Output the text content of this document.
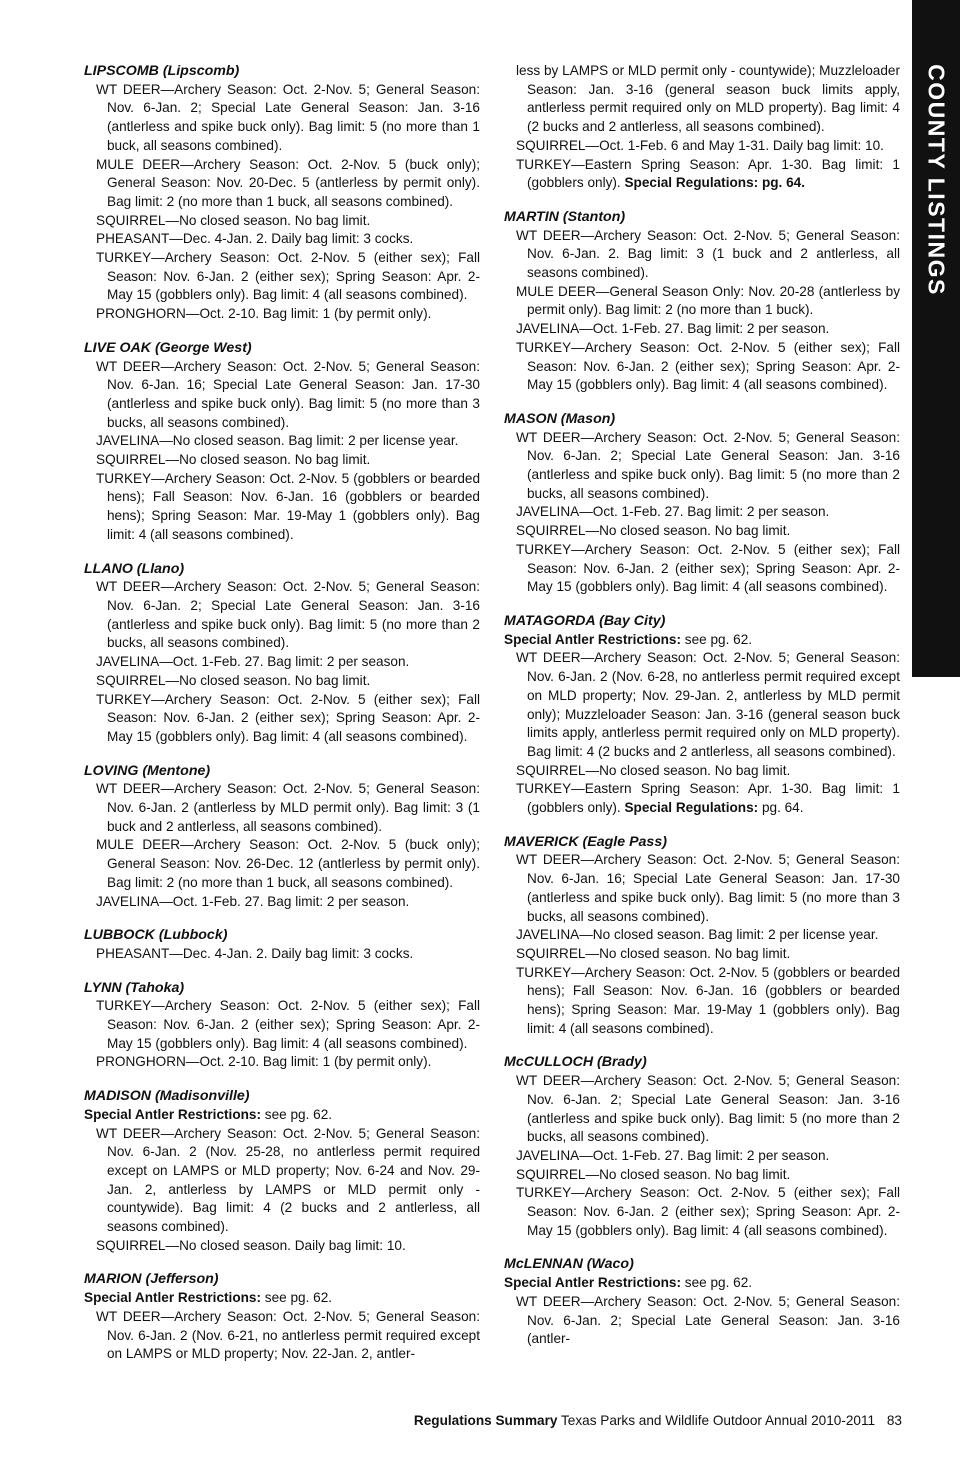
LIPSCOMB (Lipscomb)

WT DEER—Archery Season: Oct. 2-Nov. 5; General Season: Nov. 6-Jan. 2; Special Late General Season: Jan. 3-16 (antlerless and spike buck only). Bag limit: 5 (no more than 1 buck, all seasons combined).

MULE DEER—Archery Season: Oct. 2-Nov. 5 (buck only); General Season: Nov. 20-Dec. 5 (antlerless by permit only). Bag limit: 2 (no more than 1 buck, all seasons combined).

SQUIRREL—No closed season. No bag limit.

PHEASANT—Dec. 4-Jan. 2. Daily bag limit: 3 cocks.

TURKEY—Archery Season: Oct. 2-Nov. 5 (either sex); Fall Season: Nov. 6-Jan. 2 (either sex); Spring Season: Apr. 2-May 15 (gobblers only). Bag limit: 4 (all seasons combined).

PRONGHORN—Oct. 2-10. Bag limit: 1 (by permit only).

LIVE OAK (George West)

WT DEER—Archery Season: Oct. 2-Nov. 5; General Season: Nov. 6-Jan. 16; Special Late General Season: Jan. 17-30 (antlerless and spike buck only). Bag limit: 5 (no more than 3 bucks, all seasons combined).

JAVELINA—No closed season. Bag limit: 2 per license year.

SQUIRREL—No closed season. No bag limit.

TURKEY—Archery Season: Oct. 2-Nov. 5 (gobblers or bearded hens); Fall Season: Nov. 6-Jan. 16 (gobblers or bearded hens); Spring Season: Mar. 19-May 1 (gobblers only). Bag limit: 4 (all seasons combined).

LLANO (Llano)

WT DEER—Archery Season: Oct. 2-Nov. 5; General Season: Nov. 6-Jan. 2; Special Late General Season: Jan. 3-16 (antlerless and spike buck only). Bag limit: 5 (no more than 2 bucks, all seasons combined).

JAVELINA—Oct. 1-Feb. 27. Bag limit: 2 per season.

SQUIRREL—No closed season. No bag limit.

TURKEY—Archery Season: Oct. 2-Nov. 5 (either sex); Fall Season: Nov. 6-Jan. 2 (either sex); Spring Season: Apr. 2-May 15 (gobblers only). Bag limit: 4 (all seasons combined).

LOVING (Mentone)

WT DEER—Archery Season: Oct. 2-Nov. 5; General Season: Nov. 6-Jan. 2 (antlerless by MLD permit only). Bag limit: 3 (1 buck and 2 antlerless, all seasons combined).

MULE DEER—Archery Season: Oct. 2-Nov. 5 (buck only); General Season: Nov. 26-Dec. 12 (antlerless by permit only). Bag limit: 2 (no more than 1 buck, all seasons combined).

JAVELINA—Oct. 1-Feb. 27. Bag limit: 2 per season.

LUBBOCK (Lubbock)

PHEASANT—Dec. 4-Jan. 2. Daily bag limit: 3 cocks.

LYNN (Tahoka)

TURKEY—Archery Season: Oct. 2-Nov. 5 (either sex); Fall Season: Nov. 6-Jan. 2 (either sex); Spring Season: Apr. 2-May 15 (gobblers only). Bag limit: 4 (all seasons combined).

PRONGHORN—Oct. 2-10. Bag limit: 1 (by permit only).

MADISON (Madisonville)

Special Antler Restrictions: see pg. 62.

WT DEER—Archery Season: Oct. 2-Nov. 5; General Season: Nov. 6-Jan. 2 (Nov. 25-28, no antlerless permit required except on LAMPS or MLD property; Nov. 6-24 and Nov. 29-Jan. 2, antlerless by LAMPS or MLD permit only - countywide). Bag limit: 4 (2 bucks and 2 antlerless, all seasons combined).

SQUIRREL—No closed season. Daily bag limit: 10.

MARION (Jefferson)

Special Antler Restrictions: see pg. 62.

WT DEER—Archery Season: Oct. 2-Nov. 5; General Season: Nov. 6-Jan. 2 (Nov. 6-21, no antlerless permit required except on LAMPS or MLD property; Nov. 22-Jan. 2, antler-

less by LAMPS or MLD permit only - countywide); Muzzleloader Season: Jan. 3-16 (general season buck limits apply, antlerless permit required only on MLD property). Bag limit: 4 (2 bucks and 2 antlerless, all seasons combined).

SQUIRREL—Oct. 1-Feb. 6 and May 1-31. Daily bag limit: 10.

TURKEY—Eastern Spring Season: Apr. 1-30. Bag limit: 1 (gobblers only). Special Regulations: pg. 64.

MARTIN (Stanton)

WT DEER—Archery Season: Oct. 2-Nov. 5; General Season: Nov. 6-Jan. 2. Bag limit: 3 (1 buck and 2 antlerless, all seasons combined).

MULE DEER—General Season Only: Nov. 20-28 (antlerless by permit only). Bag limit: 2 (no more than 1 buck).

JAVELINA—Oct. 1-Feb. 27. Bag limit: 2 per season.

TURKEY—Archery Season: Oct. 2-Nov. 5 (either sex); Fall Season: Nov. 6-Jan. 2 (either sex); Spring Season: Apr. 2-May 15 (gobblers only). Bag limit: 4 (all seasons combined).

MASON (Mason)

WT DEER—Archery Season: Oct. 2-Nov. 5; General Season: Nov. 6-Jan. 2; Special Late General Season: Jan. 3-16 (antlerless and spike buck only). Bag limit: 5 (no more than 2 bucks, all seasons combined).

JAVELINA—Oct. 1-Feb. 27. Bag limit: 2 per season.

SQUIRREL—No closed season. No bag limit.

TURKEY—Archery Season: Oct. 2-Nov. 5 (either sex); Fall Season: Nov. 6-Jan. 2 (either sex); Spring Season: Apr. 2-May 15 (gobblers only). Bag limit: 4 (all seasons combined).

MATAGORDA (Bay City)

Special Antler Restrictions: see pg. 62.

WT DEER—Archery Season: Oct. 2-Nov. 5; General Season: Nov. 6-Jan. 2 (Nov. 6-28, no antlerless permit required except on MLD property; Nov. 29-Jan. 2, antlerless by MLD permit only); Muzzleloader Season: Jan. 3-16 (general season buck limits apply, antlerless permit required only on MLD property). Bag limit: 4 (2 bucks and 2 antlerless, all seasons combined).

SQUIRREL—No closed season. No bag limit.

TURKEY—Eastern Spring Season: Apr. 1-30. Bag limit: 1 (gobblers only). Special Regulations: pg. 64.

MAVERICK (Eagle Pass)

WT DEER—Archery Season: Oct. 2-Nov. 5; General Season: Nov. 6-Jan. 16; Special Late General Season: Jan. 17-30 (antlerless and spike buck only). Bag limit: 5 (no more than 3 bucks, all seasons combined).

JAVELINA—No closed season. Bag limit: 2 per license year.

SQUIRREL—No closed season. No bag limit.

TURKEY—Archery Season: Oct. 2-Nov. 5 (gobblers or bearded hens); Fall Season: Nov. 6-Jan. 16 (gobblers or bearded hens); Spring Season: Mar. 19-May 1 (gobblers only). Bag limit: 4 (all seasons combined).

McCULLOCH (Brady)

WT DEER—Archery Season: Oct. 2-Nov. 5; General Season: Nov. 6-Jan. 2; Special Late General Season: Jan. 3-16 (antlerless and spike buck only). Bag limit: 5 (no more than 2 bucks, all seasons combined).

JAVELINA—Oct. 1-Feb. 27. Bag limit: 2 per season.

SQUIRREL—No closed season. No bag limit.

TURKEY—Archery Season: Oct. 2-Nov. 5 (either sex); Fall Season: Nov. 6-Jan. 2 (either sex); Spring Season: Apr. 2-May 15 (gobblers only). Bag limit: 4 (all seasons combined).

McLENNAN (Waco)

Special Antler Restrictions: see pg. 62.

WT DEER—Archery Season: Oct. 2-Nov. 5; General Season: Nov. 6-Jan. 2; Special Late General Season: Jan. 3-16 (antler-

COUNTY LISTINGS
Regulations Summary Texas Parks and Wildlife Outdoor Annual 2010-2011 83
